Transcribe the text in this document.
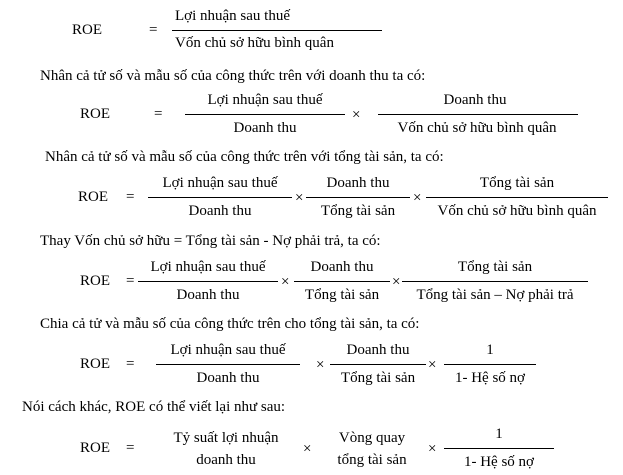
ROE	=
Lợi nhuận sau thuế
Vốn chủ sở hữu bình quân
Nhân cả tử số và mẫu số của công thức trên với doanh thu ta có:
ROE	=
Lợi nhuận sau thuế
Doanh thu
×
Doanh thu
Vốn chủ sở hữu bình quân
Nhân cả tử số và mẫu số của công thức trên với tổng tài sản, ta có:
ROE =
Lợi nhuận sau thuế
Doanh thu
×
Doanh thu
Tổng tài sản
×
Tổng tài sản
Vốn chủ sở hữu bình quân
Thay Vốn chủ sở hữu = Tổng tài sản - Nợ phải trả, ta có:
ROE =
Lợi nhuận sau thuế
Doanh thu
×
Doanh thu
Tổng tài sản
×
Tổng tài sản
Tổng tài sản – Nợ phải trả
Chia cả tử và mẫu số của công thức trên cho tổng tài sản, ta có:
ROE =
Lợi nhuận sau thuế
Doanh thu
×
Doanh thu
Tổng tài sản
×
1
1- Hệ số nợ
Nói cách khác, ROE có thể viết lại như sau:
ROE =
Tỷ suất lợi nhuận
doanh thu
×
Vòng quay
tổng tài sản
×
1
1- Hệ số nợ
